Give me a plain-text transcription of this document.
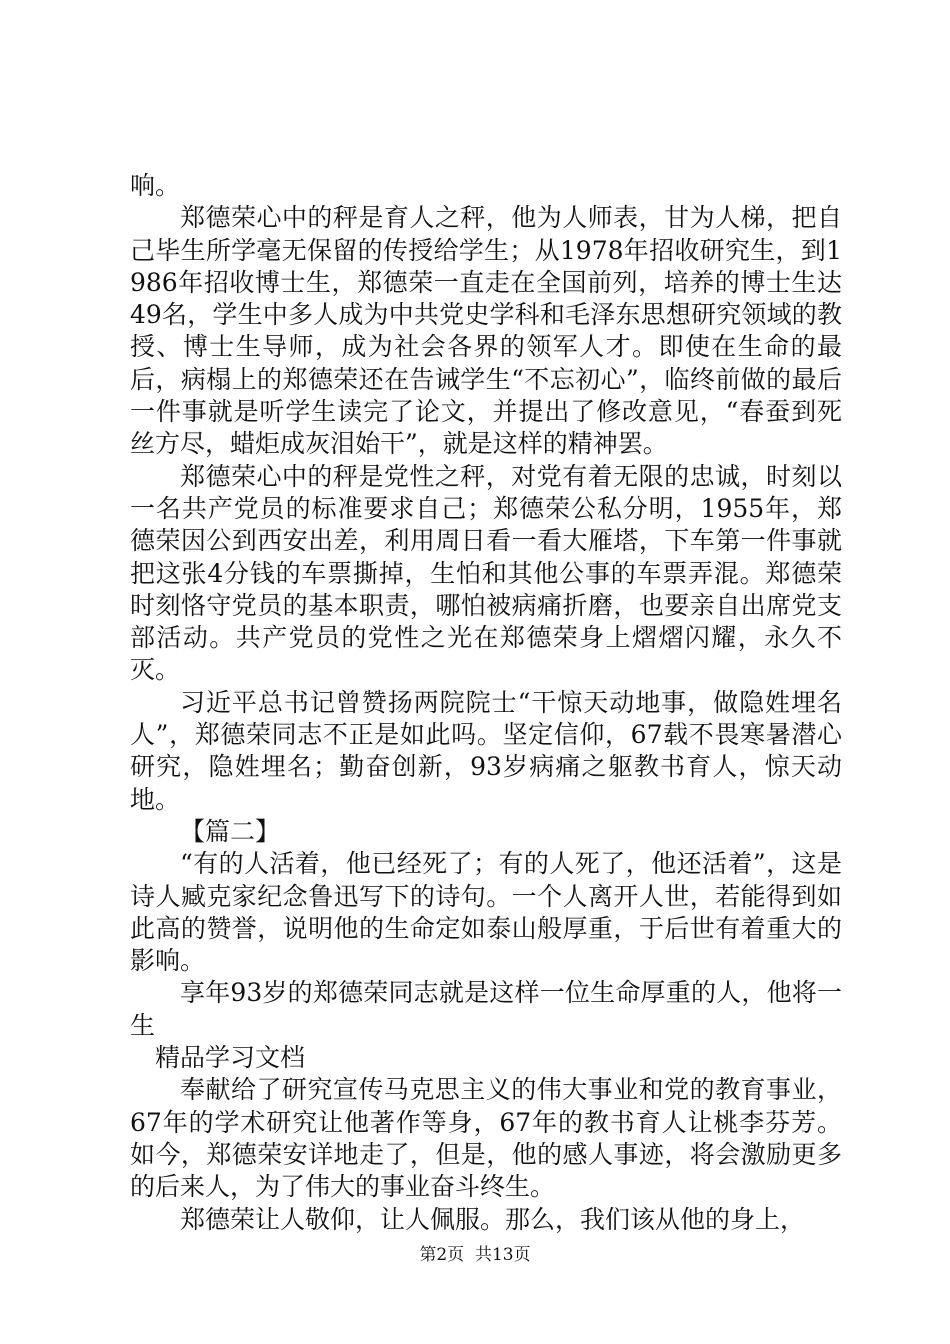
响。

郑德荣心中的秤是育人之秤，他为人师表，甘为人梯，把自己毕生所学毫无保留的传授给学生；从1978年招收研究生，到1986年招收博士生，郑德荣一直走在全国前列，培养的博士生达49名，学生中多人成为中共党史学科和毛泽东思想研究领域的教授、博士生导师，成为社会各界的领军人才。即使在生命的最后，病榻上的郑德荣还在告诫学生“不忘初心”，临终前做的最后一件事就是听学生读完了论文，并提出了修改意见，“春蚕到死丝方尽，蜡炬成灰泪始干”，就是这样的精神罢。

郑德荣心中的秤是党性之秤，对党有着无限的忠诚，时刻以一名共产党员的标准要求自己；郑德荣公私分明，1955年，郑德荣因公到西安出差，利用周日看一看大雁塔，下车第一件事就把这张4分钱的车票撕掉，生怕和其他公事的车票弄混。郑德荣时刻恪守党员的基本职责，哪怕被病痛折磨，也要亲自出席党支部活动。共产党员的党性之光在郑德荣身上熠熠闪耀，永久不灭。

习近平总书记曾赞扬两院院士“干惊天动地事，做隐姓埋名人”，郑德荣同志不正是如此吗。坚定信仰，67载不畏寒暑潜心研究，隐姓埋名；勤奋创新，93岁病痛之躯教书育人，惊天动地。

【篇二】

“有的人活着，他已经死了；有的人死了，他还活着”，这是诗人臧克家纪念鲁迅写下的诗句。一个人离开人世，若能得到如此高的赞誉，说明他的生命定如泰山般厚重，于后世有着重大的影响。

享年93岁的郑德荣同志就是这样一位生命厚重的人，他将一生

精品学习文档

奉献给了研究宣传马克思主义的伟大事业和党的教育事业，67年的学术研究让他著作等身，67年的教书育人让桃李芬芳。如今，郑德荣安详地走了，但是，他的感人事迹，将会激励更多的后来人，为了伟大的事业奋斗终生。

郑德荣让人敬仰，让人佩服。那么，我们该从他的身上，

第2页  共13页
